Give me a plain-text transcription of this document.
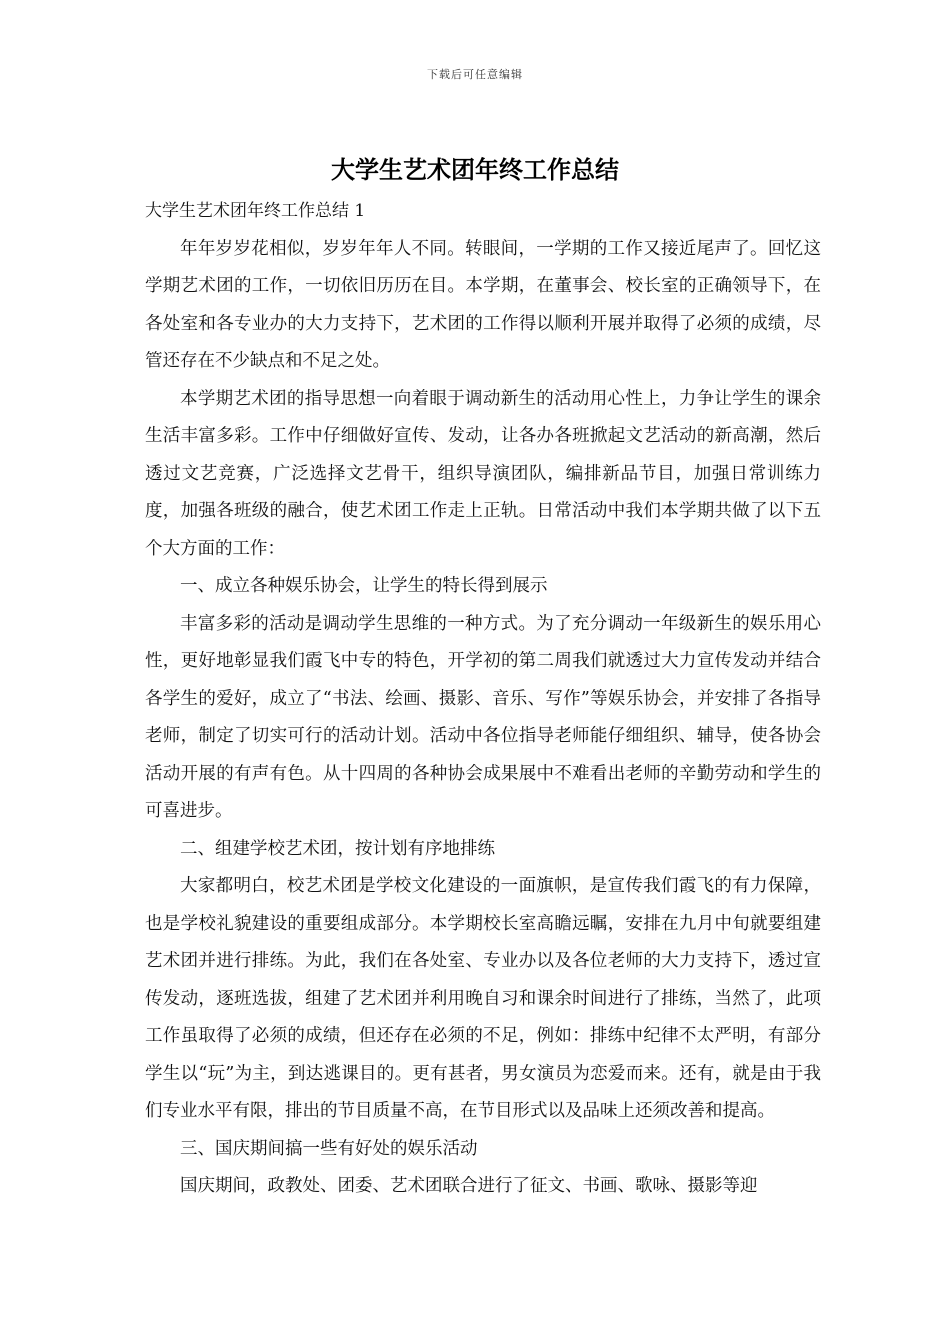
下载后可任意编辑
大学生艺术团年终工作总结

大学生艺术团年终工作总结 1

年年岁岁花相似，岁岁年年人不同。转眼间，一学期的工作又接近尾声了。回忆这学期艺术团的工作，一切依旧历历在目。本学期，在董事会、校长室的正确领导下，在各处室和各专业办的大力支持下，艺术团的工作得以顺利开展并取得了必须的成绩，尽管还存在不少缺点和不足之处。

本学期艺术团的指导思想一向着眼于调动新生的活动用心性上，力争让学生的课余生活丰富多彩。工作中仔细做好宣传、发动，让各办各班掀起文艺活动的新高潮，然后透过文艺竞赛，广泛选择文艺骨干，组织导演团队，编排新品节目，加强日常训练力度，加强各班级的融合，使艺术团工作走上正轨。日常活动中我们本学期共做了以下五个大方面的工作：

一、成立各种娱乐协会，让学生的特长得到展示

丰富多彩的活动是调动学生思维的一种方式。为了充分调动一年级新生的娱乐用心性，更好地彰显我们霞飞中专的特色，开学初的第二周我们就透过大力宣传发动并结合各学生的爱好，成立了“书法、绘画、摄影、音乐、写作”等娱乐协会，并安排了各指导老师，制定了切实可行的活动计划。活动中各位指导老师能仔细组织、辅导，使各协会活动开展的有声有色。从十四周的各种协会成果展中不难看出老师的辛勤劳动和学生的可喜进步。

二、组建学校艺术团，按计划有序地排练

大家都明白，校艺术团是学校文化建设的一面旗帜，是宣传我们霞飞的有力保障，也是学校礼貌建设的重要组成部分。本学期校长室高瞻远瞩，安排在九月中旬就要组建艺术团并进行排练。为此，我们在各处室、专业办以及各位老师的大力支持下，透过宣传发动，逐班选拔，组建了艺术团并利用晚自习和课余时间进行了排练，当然了，此项工作虽取得了必须的成绩，但还存在必须的不足，例如：排练中纪律不太严明，有部分学生以“玩”为主，到达逃课目的。更有甚者，男女演员为恋爱而来。还有，就是由于我们专业水平有限，排出的节目质量不高，在节目形式以及品味上还须改善和提高。

三、国庆期间搞一些有好处的娱乐活动

国庆期间，政教处、团委、艺术团联合进行了征文、书画、歌咏、摄影等迎
